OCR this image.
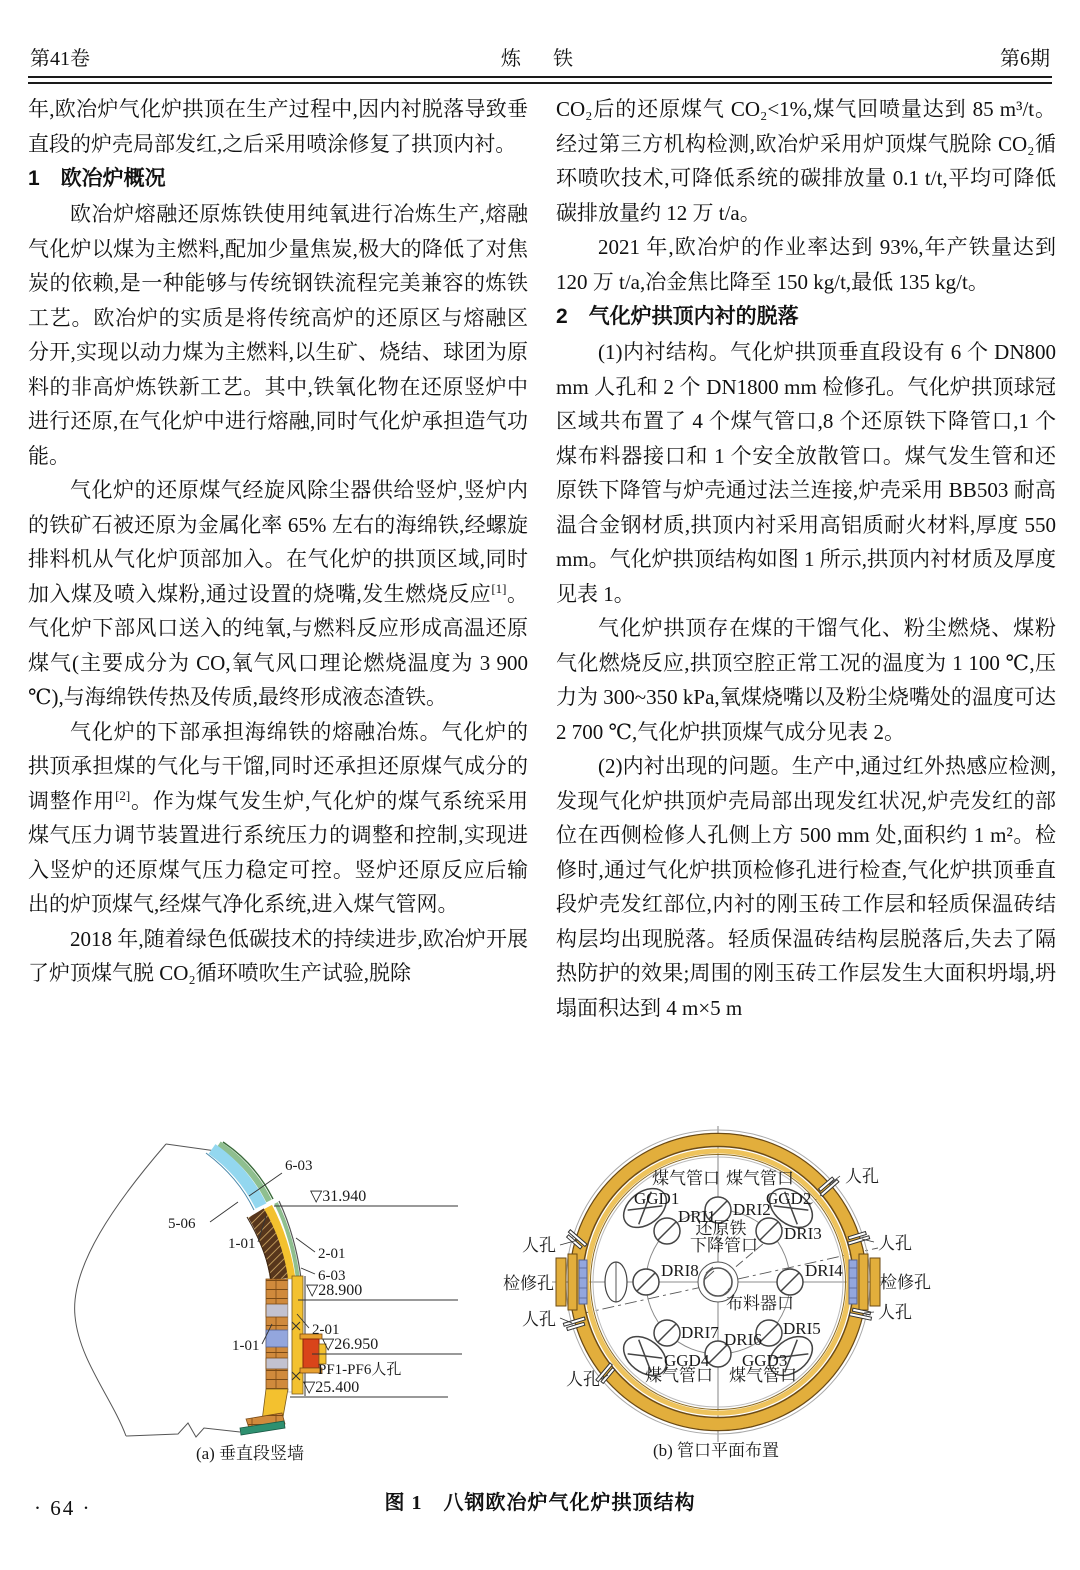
第41卷	炼　铁	第6期

年,欧冶炉气化炉拱顶在生产过程中,因内衬脱落导致垂直段的炉壳局部发红,之后采用喷涂修复了拱顶内衬。

1　欧冶炉概况

欧冶炉熔融还原炼铁使用纯氧进行冶炼生产,熔融气化炉以煤为主燃料,配加少量焦炭,极大的降低了对焦炭的依赖,是一种能够与传统钢铁流程完美兼容的炼铁工艺。欧冶炉的实质是将传统高炉的还原区与熔融区分开,实现以动力煤为主燃料,以生矿、烧结、球团为原料的非高炉炼铁新工艺。其中,铁氧化物在还原竖炉中进行还原,在气化炉中进行熔融,同时气化炉承担造气功能。

气化炉的还原煤气经旋风除尘器供给竖炉,竖炉内的铁矿石被还原为金属化率 65% 左右的海绵铁,经螺旋排料机从气化炉顶部加入。在气化炉的拱顶区域,同时加入煤及喷入煤粉,通过设置的烧嘴,发生燃烧反应[1]。气化炉下部风口送入的纯氧,与燃料反应形成高温还原煤气(主要成分为 CO,氧气风口理论燃烧温度为 3 900 ℃),与海绵铁传热及传质,最终形成液态渣铁。

气化炉的下部承担海绵铁的熔融冶炼。气化炉的拱顶承担煤的气化与干馏,同时还承担还原煤气成分的调整作用[2]。作为煤气发生炉,气化炉的煤气系统采用煤气压力调节装置进行系统压力的调整和控制,实现进入竖炉的还原煤气压力稳定可控。竖炉还原反应后输出的炉顶煤气,经煤气净化系统,进入煤气管网。

2018 年,随着绿色低碳技术的持续进步,欧冶炉开展了炉顶煤气脱 CO₂循环喷吹生产试验,脱除

CO₂后的还原煤气 CO₂<1%,煤气回喷量达到 85 m³/t。经过第三方机构检测,欧冶炉采用炉顶煤气脱除 CO₂循环喷吹技术,可降低系统的碳排放量 0.1 t/t,平均可降低碳排放量约 12 万 t/a。

2021 年,欧冶炉的作业率达到 93%,年产铁量达到 120 万 t/a,冶金焦比降至 150 kg/t,最低 135 kg/t。

2　气化炉拱顶内衬的脱落

(1)内衬结构。气化炉拱顶垂直段设有 6 个 DN800 mm 人孔和 2 个 DN1800 mm 检修孔。气化炉拱顶球冠区域共布置了 4 个煤气管口,8 个还原铁下降管口,1 个煤布料器接口和 1 个安全放散管口。煤气发生管和还原铁下降管与炉壳通过法兰连接,炉壳采用 BB503 耐高温合金钢材质,拱顶内衬采用高铝质耐火材料,厚度 550 mm。气化炉拱顶结构如图 1 所示,拱顶内衬材质及厚度见表 1。

气化炉拱顶存在煤的干馏气化、粉尘燃烧、煤粉气化燃烧反应,拱顶空腔正常工况的温度为 1 100 ℃,压力为 300~350 kPa,氧煤烧嘴以及粉尘烧嘴处的温度可达 2 700 ℃,气化炉拱顶煤气成分见表 2。

(2)内衬出现的问题。生产中,通过红外热感应检测,发现气化炉拱顶炉壳局部出现发红状况,炉壳发红的部位在西侧检修人孔侧上方 500 mm 处,面积约 1 m²。检修时,通过气化炉拱顶检修孔进行检查,气化炉拱顶垂直段炉壳发红部位,内衬的刚玉砖工作层和轻质保温砖结构层均出现脱落。轻质保温砖结构层脱落后,失去了隔热防护的效果;周围的刚玉砖工作层发生大面积坍塌,坍塌面积达到 4 m×5 m

▽31.940
▽28.900
▽26.950
▽25.400
6-03
5-06
1-01
2-01
6-03
2-01
1-01
PF1-PF6人孔
(a) 垂直段竖墙
煤气管口 煤气管口
煤气管口 煤气管口
GGD1	GGD2
GGD3
GGD4
DRI2
DRI1
DRI3
DRI8	DRI4
DRI7	DRI5
DRI6
还原铁
下降管口
布料器口
人孔
人孔
检修孔
人孔
人孔
检修孔
人孔
人孔
(b) 管口平面布置
图 1　八钢欧冶炉气化炉拱顶结构
· 64 ·
